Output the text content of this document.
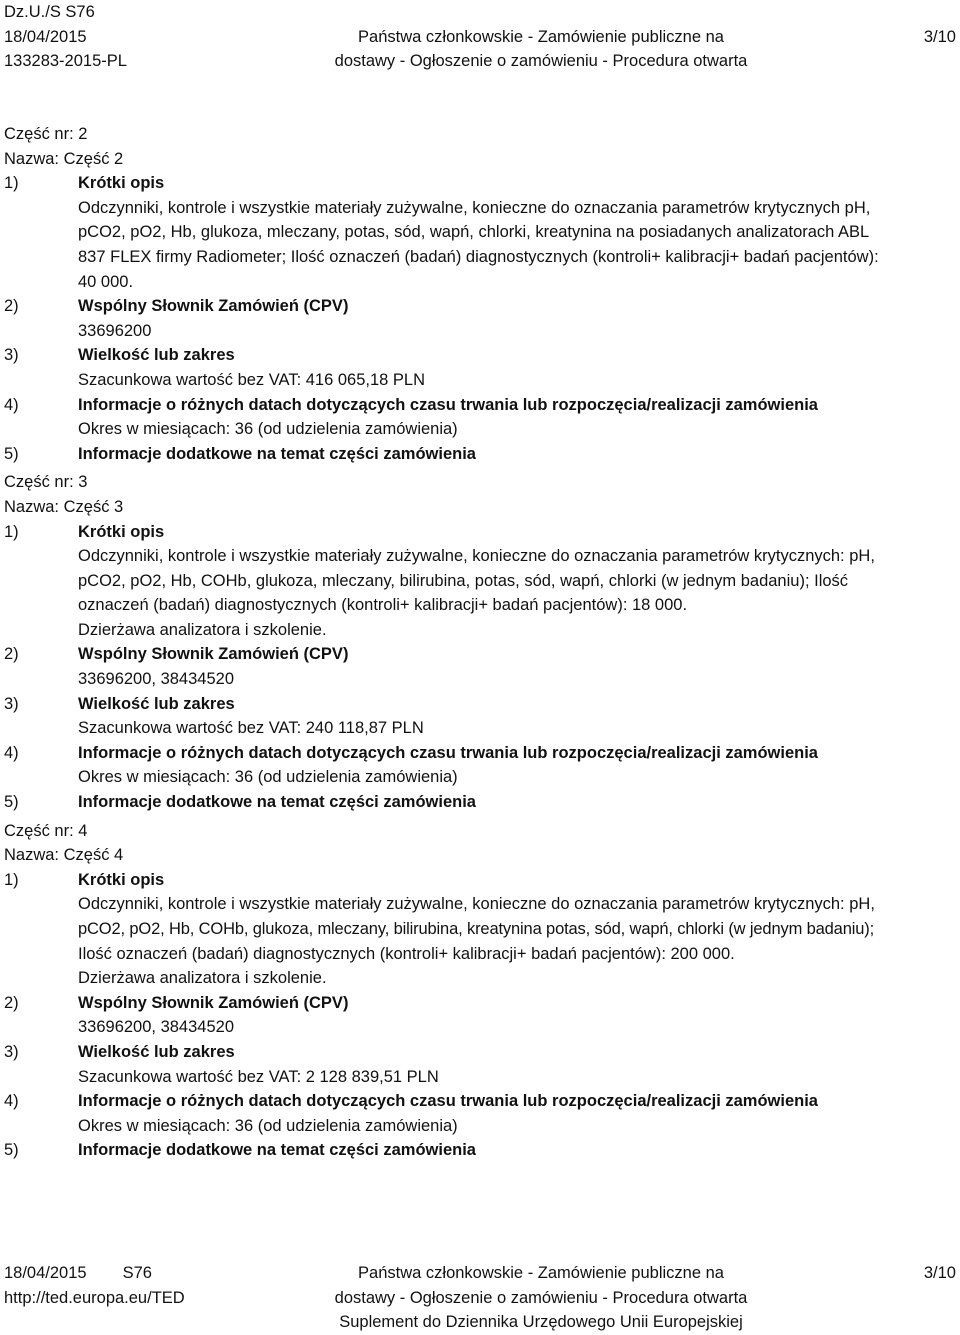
Dz.U./S S76
18/04/2015
133283-2015-PL
Państwa członkowskie - Zamówienie publiczne na
dostawy - Ogłoszenie o zamówieniu - Procedura otwarta
3/10
Część nr: 2
Nazwa: Część 2
1)	Krótki opis
Odczynniki, kontrole i wszystkie materiały zużywalne, konieczne do oznaczania parametrów krytycznych pH,
pCO2, pO2, Hb, glukoza, mleczany, potas, sód, wapń, chlorki, kreatynina na posiadanych analizatorach ABL
837 FLEX firmy Radiometer; Ilość oznaczeń (badań) diagnostycznych (kontroli+ kalibracji+ badań pacjentów):
40 000.
2)	Wspólny Słownik Zamówień (CPV)
33696200
3)	Wielkość lub zakres
Szacunkowa wartość bez VAT: 416 065,18 PLN
4)	Informacje o różnych datach dotyczących czasu trwania lub rozpoczęcia/realizacji zamówienia
Okres w miesiącach: 36 (od udzielenia zamówienia)
5)	Informacje dodatkowe na temat części zamówienia
Część nr: 3
Nazwa: Część 3
1)	Krótki opis
Odczynniki, kontrole i wszystkie materiały zużywalne, konieczne do oznaczania parametrów krytycznych: pH,
pCO2, pO2, Hb, COHb, glukoza, mleczany, bilirubina, potas, sód, wapń, chlorki (w jednym badaniu); Ilość
oznaczeń (badań) diagnostycznych (kontroli+ kalibracji+ badań pacjentów): 18 000.
Dzierżawa analizatora i szkolenie.
2)	Wspólny Słownik Zamówień (CPV)
33696200, 38434520
3)	Wielkość lub zakres
Szacunkowa wartość bez VAT: 240 118,87 PLN
4)	Informacje o różnych datach dotyczących czasu trwania lub rozpoczęcia/realizacji zamówienia
Okres w miesiącach: 36 (od udzielenia zamówienia)
5)	Informacje dodatkowe na temat części zamówienia
Część nr: 4
Nazwa: Część 4
1)	Krótki opis
Odczynniki, kontrole i wszystkie materiały zużywalne, konieczne do oznaczania parametrów krytycznych: pH,
pCO2, pO2, Hb, COHb, glukoza, mleczany, bilirubina, kreatynina potas, sód, wapń, chlorki (w jednym badaniu);
Ilość oznaczeń (badań) diagnostycznych (kontroli+ kalibracji+ badań pacjentów): 200 000.
Dzierżawa analizatora i szkolenie.
2)	Wspólny Słownik Zamówień (CPV)
33696200, 38434520
3)	Wielkość lub zakres
Szacunkowa wartość bez VAT: 2 128 839,51 PLN
4)	Informacje o różnych datach dotyczących czasu trwania lub rozpoczęcia/realizacji zamówienia
Okres w miesiącach: 36 (od udzielenia zamówienia)
5)	Informacje dodatkowe na temat części zamówienia
18/04/2015 S76
http://ted.europa.eu/TED
Państwa członkowskie - Zamówienie publiczne na
dostawy - Ogłoszenie o zamówieniu - Procedura otwarta
Suplement do Dziennika Urzędowego Unii Europejskiej
3/10
